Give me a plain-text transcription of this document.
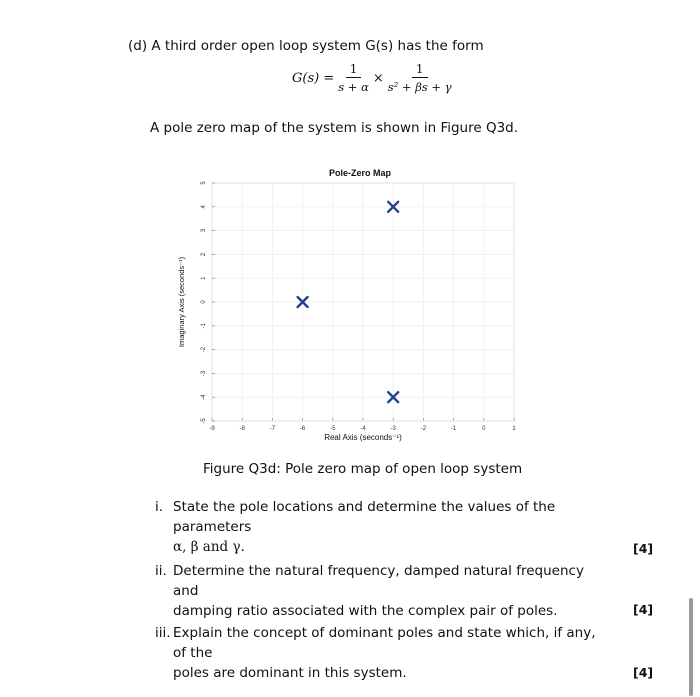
(d) A third order open loop system G(s) has the form
$G(s) = \frac{1}{s + \alpha} \times \frac{1}{\text{s² + βs + γ}}$
A pole zero map of the system is shown in Figure Q3d.
Pole-Zero Map
-9	-8	-7	-6	-5	-4	-3	-2	-1	0	1
-5
-4
-3
-2
-1
0
1
2
3
4
5
Real Axis (seconds⁻¹)
Imaginary Axis (seconds⁻¹)
Figure Q3d: Pole zero map of open loop system
i. State the pole locations and determine the values of the parameters
α, β and γ.	[4]
ii. Determine the natural frequency, damped natural frequency and
damping ratio associated with the complex pair of poles.	[4]
iii. Explain the concept of dominant poles and state which, if any, of the
poles are dominant in this system.	[4]
